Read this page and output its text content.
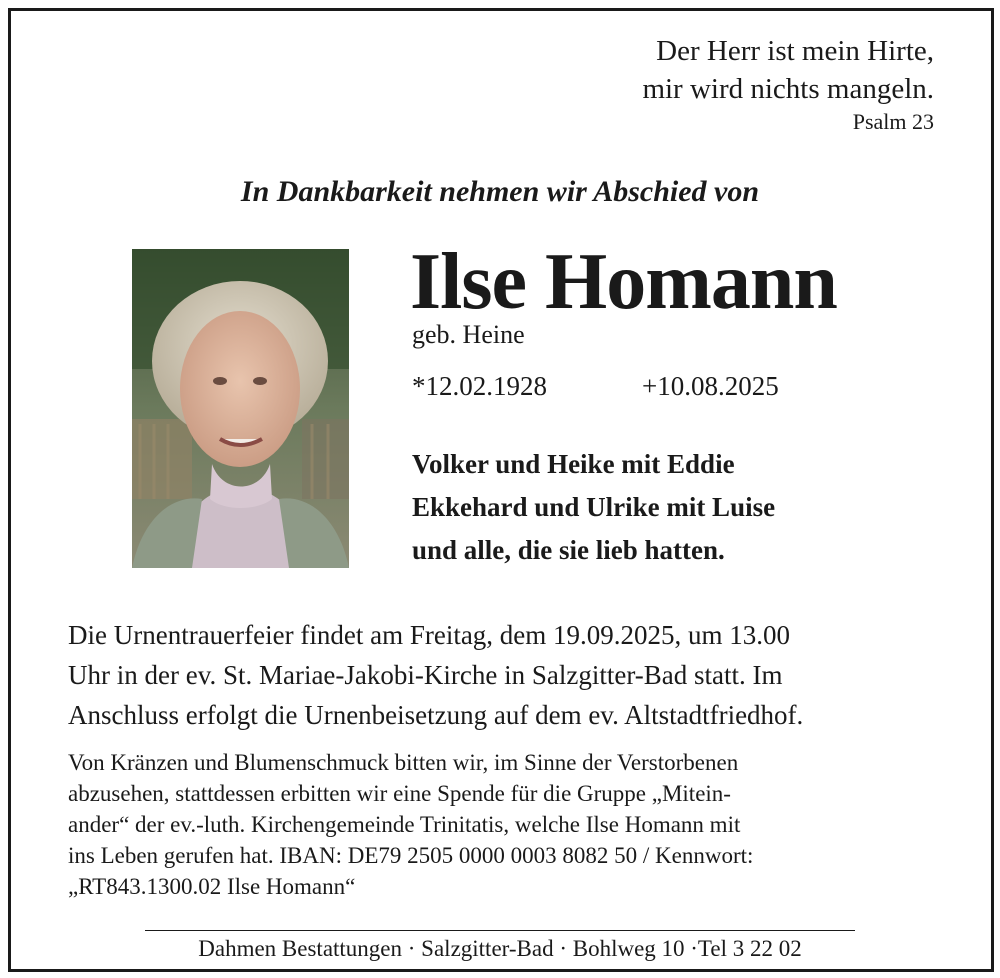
Der Herr ist mein Hirte,
mir wird nichts mangeln.
Psalm 23
In Dankbarkeit nehmen wir Abschied von
Ilse Homann
geb. Heine
*12.02.1928	+10.08.2025
Volker und Heike mit Eddie
Ekkehard und Ulrike mit Luise
und alle, die sie lieb hatten.
Die Urnentrauerfeier findet am Freitag, dem 19.09.2025, um 13.00
Uhr in der ev. St. Mariae-Jakobi-Kirche in Salzgitter-Bad statt. Im
Anschluss erfolgt die Urnenbeisetzung auf dem ev. Altstadtfriedhof.
Von Kränzen und Blumenschmuck bitten wir, im Sinne der Verstorbenen
abzusehen, stattdessen erbitten wir eine Spende für die Gruppe „Mitein-
ander“ der ev.-luth. Kirchengemeinde Trinitatis, welche Ilse Homann mit
ins Leben gerufen hat. IBAN: DE79 2505 0000 0003 8082 50 / Kennwort:
„RT843.1300.02 Ilse Homann“
Dahmen Bestattungen · Salzgitter-Bad · Bohlweg 10 ·Tel 3 22 02
